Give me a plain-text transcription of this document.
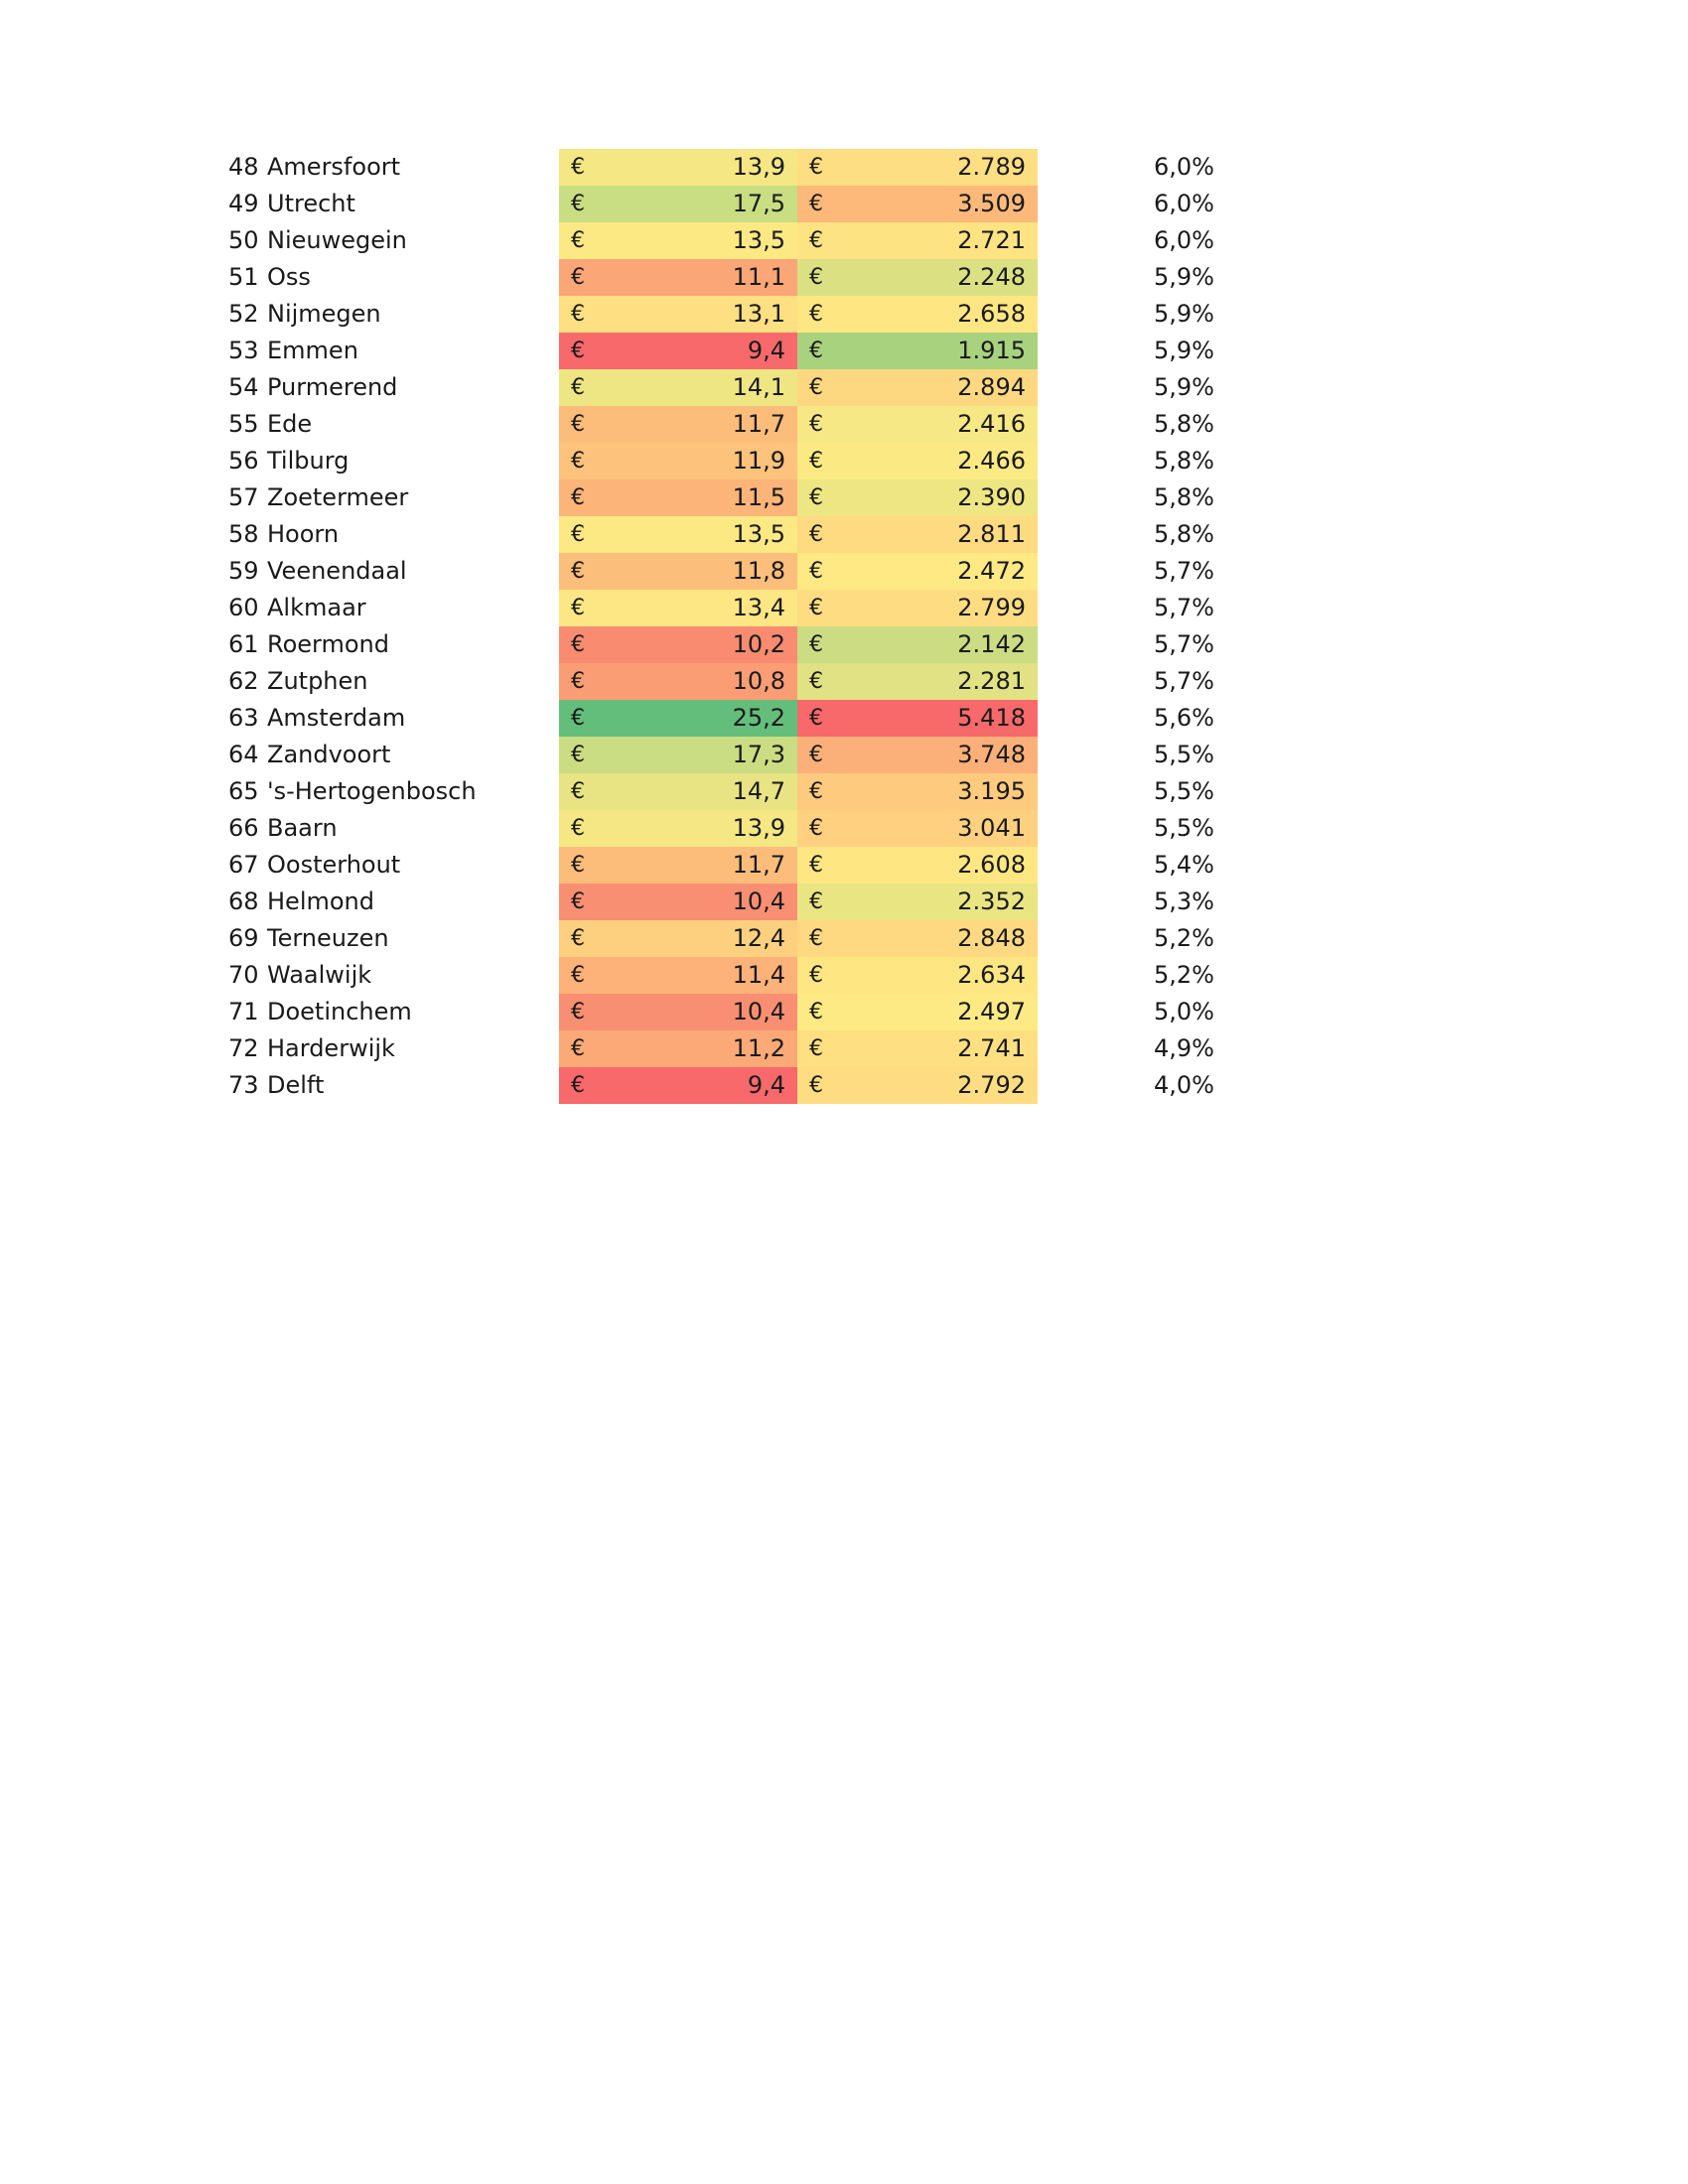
48 Amersfoort	€	13,9 €	2.789	6,0%
49 Utrecht	€	17,5 €	3.509	6,0%
50 Nieuwegein	€	13,5 €	2.721	6,0%
51 Oss	€	11,1 €	2.248	5,9%
52 Nijmegen	€	13,1 €	2.658	5,9%
53 Emmen	€	9,4 €	1.915	5,9%
54 Purmerend	€	14,1 €	2.894	5,9%
55 Ede	€	11,7 €	2.416	5,8%
56 Tilburg	€	11,9 €	2.466	5,8%
57 Zoetermeer	€	11,5 €	2.390	5,8%
58 Hoorn	€	13,5 €	2.811	5,8%
59 Veenendaal	€	11,8 €	2.472	5,7%
60 Alkmaar	€	13,4 €	2.799	5,7%
61 Roermond	€	10,2 €	2.142	5,7%
62 Zutphen	€	10,8 €	2.281	5,7%
63 Amsterdam	€	25,2 €	5.418	5,6%
64 Zandvoort	€	17,3 €	3.748	5,5%
65 's-Hertogenbosch	€	14,7 €	3.195	5,5%
66 Baarn	€	13,9 €	3.041	5,5%
67 Oosterhout	€	11,7 €	2.608	5,4%
68 Helmond	€	10,4 €	2.352	5,3%
69 Terneuzen	€	12,4 €	2.848	5,2%
70 Waalwijk	€	11,4 €	2.634	5,2%
71 Doetinchem	€	10,4 €	2.497	5,0%
72 Harderwijk	€	11,2 €	2.741	4,9%
73 Delft	€	9,4 €	2.792	4,0%
